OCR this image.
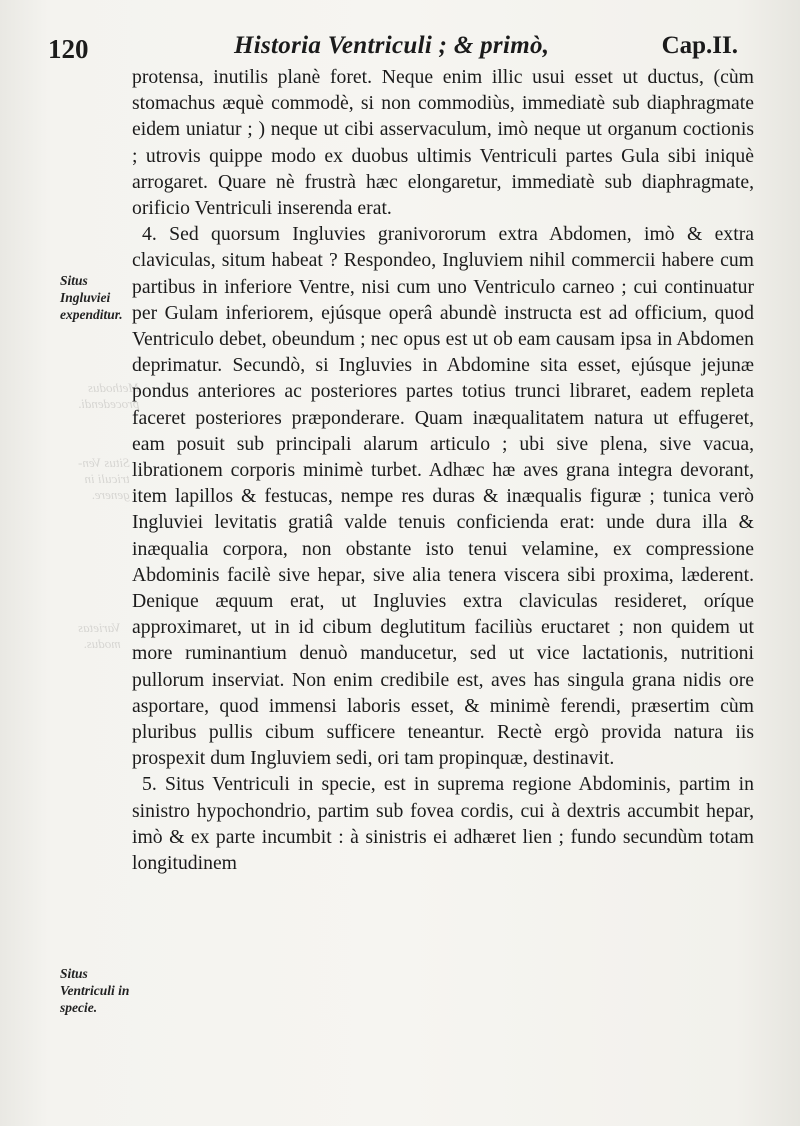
Methodus
procedendi.
Situs Ven-
triculi in
genere.
Varietas
modus.
120	Historia Ventriculi ; & primò,	Cap.II.
Situs Ingluviei expenditur.
Situs Ventriculi in specie.

protensa, inutilis planè foret. Neque enim illic usui esset ut ductus, (cùm stomachus æquè commodè, si non commodiùs, immediatè sub diaphragmate eidem uniatur ; ) neque ut cibi asservaculum, imò neque ut organum coctionis ; utrovis quippe modo ex duobus ultimis Ventriculi partes Gula sibi iniquè arrogaret. Quare nè frustrà hæc elongaretur, immediatè sub diaphragmate, orificio Ventriculi inserenda erat.

4. Sed quorsum Ingluvies granivororum extra Abdomen, imò & extra claviculas, situm habeat ? Respondeo, Ingluviem nihil commercii habere cum partibus in inferiore Ventre, nisi cum uno Ventriculo carneo ; cui continuatur per Gulam inferiorem, ejúsque operâ abundè instructa est ad officium, quod Ventriculo debet, obeundum ; nec opus est ut ob eam causam ipsa in Abdomen deprimatur. Secundò, si Ingluvies in Abdomine sita esset, ejúsque jejunæ pondus anteriores ac posteriores partes totius trunci libraret, eadem repleta faceret posteriores præponderare. Quam inæqualitatem natura ut effugeret, eam posuit sub principali alarum articulo ; ubi sive plena, sive vacua, librationem corporis minimè turbet. Adhæc hæ aves grana integra devorant, item lapillos & festucas, nempe res duras & inæqualis figuræ ; tunica verò Ingluviei levitatis gratiâ valde tenuis conficienda erat: unde dura illa & inæqualia corpora, non obstante isto tenui velamine, ex compressione Abdominis facilè sive hepar, sive alia tenera viscera sibi proxima, læderent. Denique æquum erat, ut Ingluvies extra claviculas resideret, oríque approximaret, ut in id cibum deglutitum faciliùs eructaret ; non quidem ut more ruminantium denuò manducetur, sed ut vice lactationis, nutritioni pullorum inserviat. Non enim credibile est, aves has singula grana nidis ore asportare, quod immensi laboris esset, & minimè ferendi, præsertim cùm pluribus pullis cibum sufficere teneantur. Rectè ergò provida natura iis prospexit dum Ingluviem sedi, ori tam propinquæ, destinavit.

5. Situs Ventriculi in specie, est in suprema regione Abdominis, partim in sinistro hypochondrio, partim sub fovea cordis, cui à dextris accumbit hepar, imò & ex parte incumbit : à sinistris ei adhæret lien ; fundo secundùm totam longitudinem
